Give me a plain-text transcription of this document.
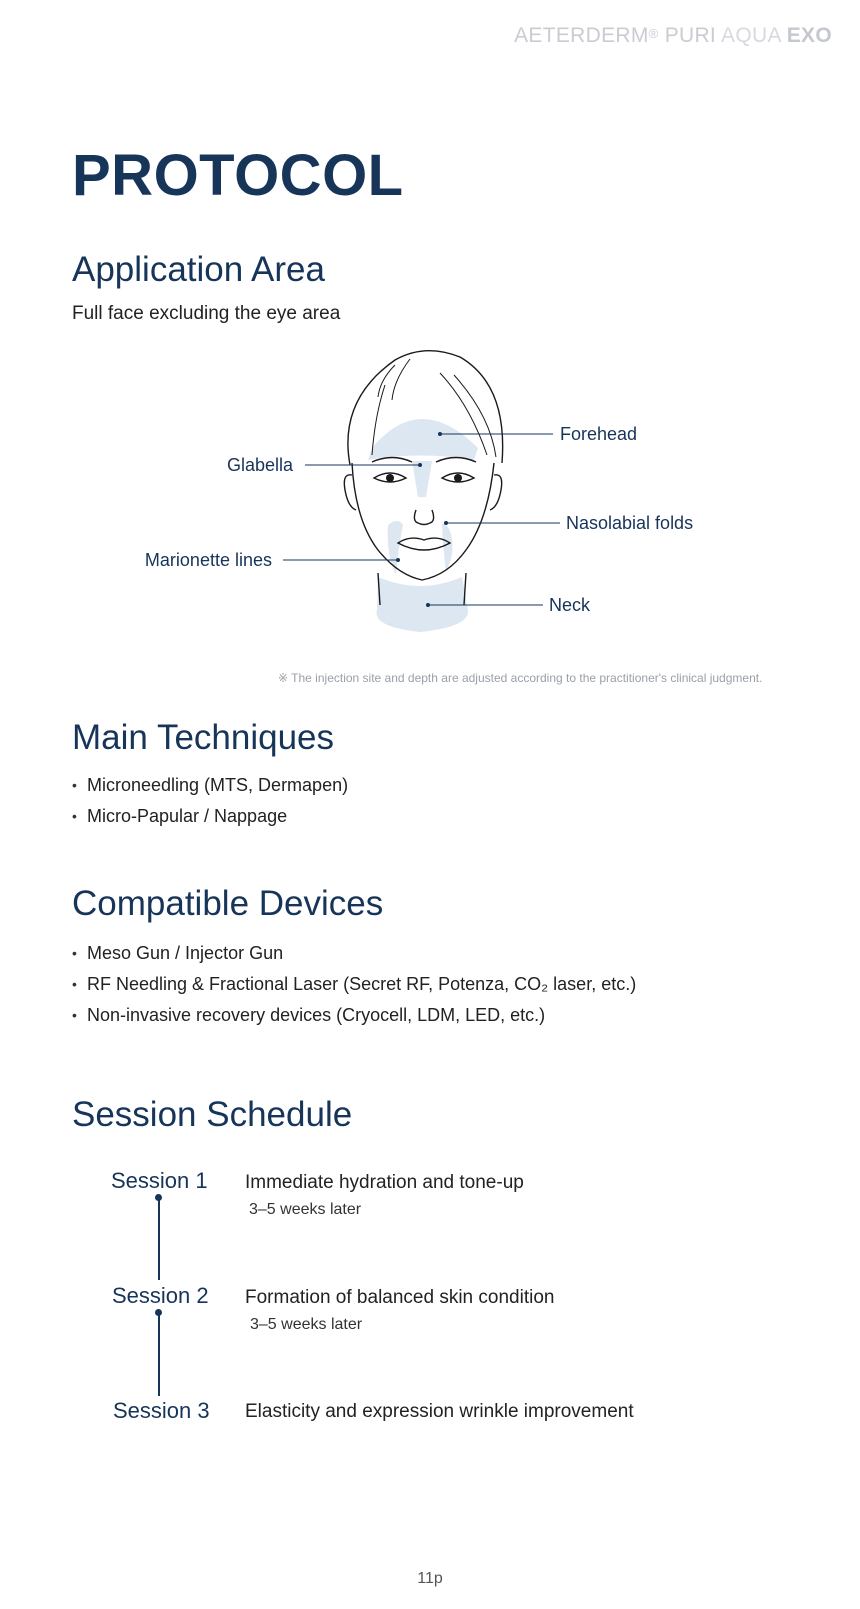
AETERDERM® PURI AQUA EXO
PROTOCOL
Application Area

Full face excluding the eye area

Forehead
Glabella
Nasolabial folds
Marionette lines
Neck

※ The injection site and depth are adjusted according to the practitioner's clinical judgment.

Main Techniques
• Microneedling (MTS, Dermapen)
• Micro-Papular / Nappage
Compatible Devices
• Meso Gun / Injector Gun
• RF Needling & Fractional Laser (Secret RF, Potenza, CO₂ laser, etc.)
• Non-invasive recovery devices (Cryocell, LDM, LED, etc.)
Session Schedule
Session 1 Immediate hydration and tone-up
3–5 weeks later
Session 2 Formation of balanced skin condition
3–5 weeks later
Session 3 Elasticity and expression wrinkle improvement
11p
